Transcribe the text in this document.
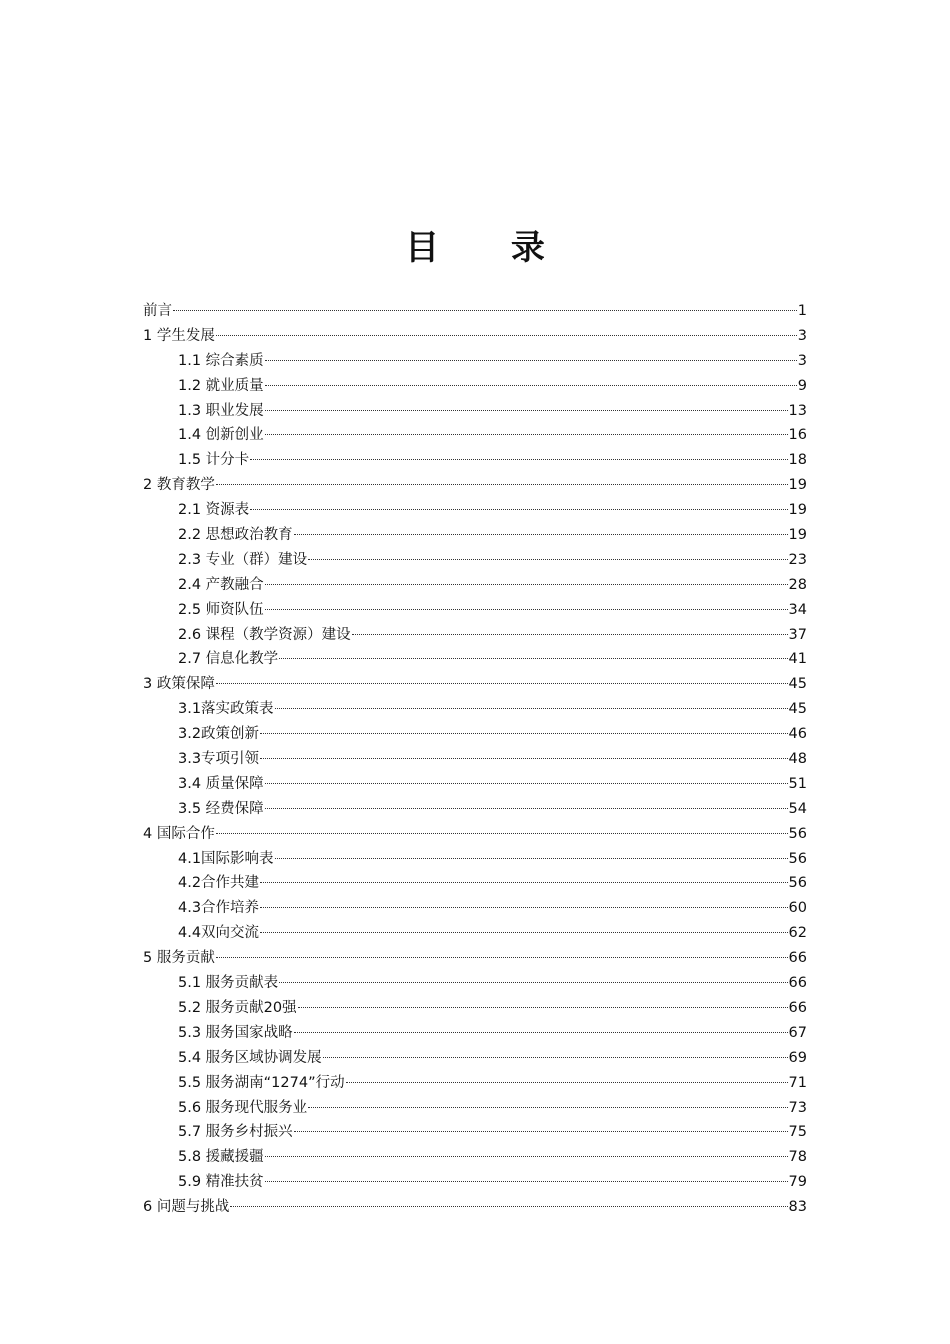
目 录
前言	1
1 学生发展	3
1.1 综合素质	3
1.2 就业质量	9
1.3 职业发展	13
1.4 创新创业	16
1.5 计分卡	18
2 教育教学	19
2.1 资源表	19
2.2 思想政治教育	19
2.3 专业（群）建设	23
2.4 产教融合	28
2.5 师资队伍	34
2.6 课程（教学资源）建设	37
2.7 信息化教学	41
3 政策保障	45
3.1落实政策表	45
3.2政策创新	46
3.3专项引领	48
3.4 质量保障	51
3.5 经费保障	54
4 国际合作	56
4.1国际影响表	56
4.2合作共建	56
4.3合作培养	60
4.4双向交流	62
5 服务贡献	66
5.1 服务贡献表	66
5.2 服务贡献20强	66
5.3 服务国家战略	67
5.4 服务区域协调发展	69
5.5 服务湖南“1274”行动	71
5.6 服务现代服务业	73
5.7 服务乡村振兴	75
5.8 援藏援疆	78
5.9 精准扶贫	79
6 问题与挑战	83
